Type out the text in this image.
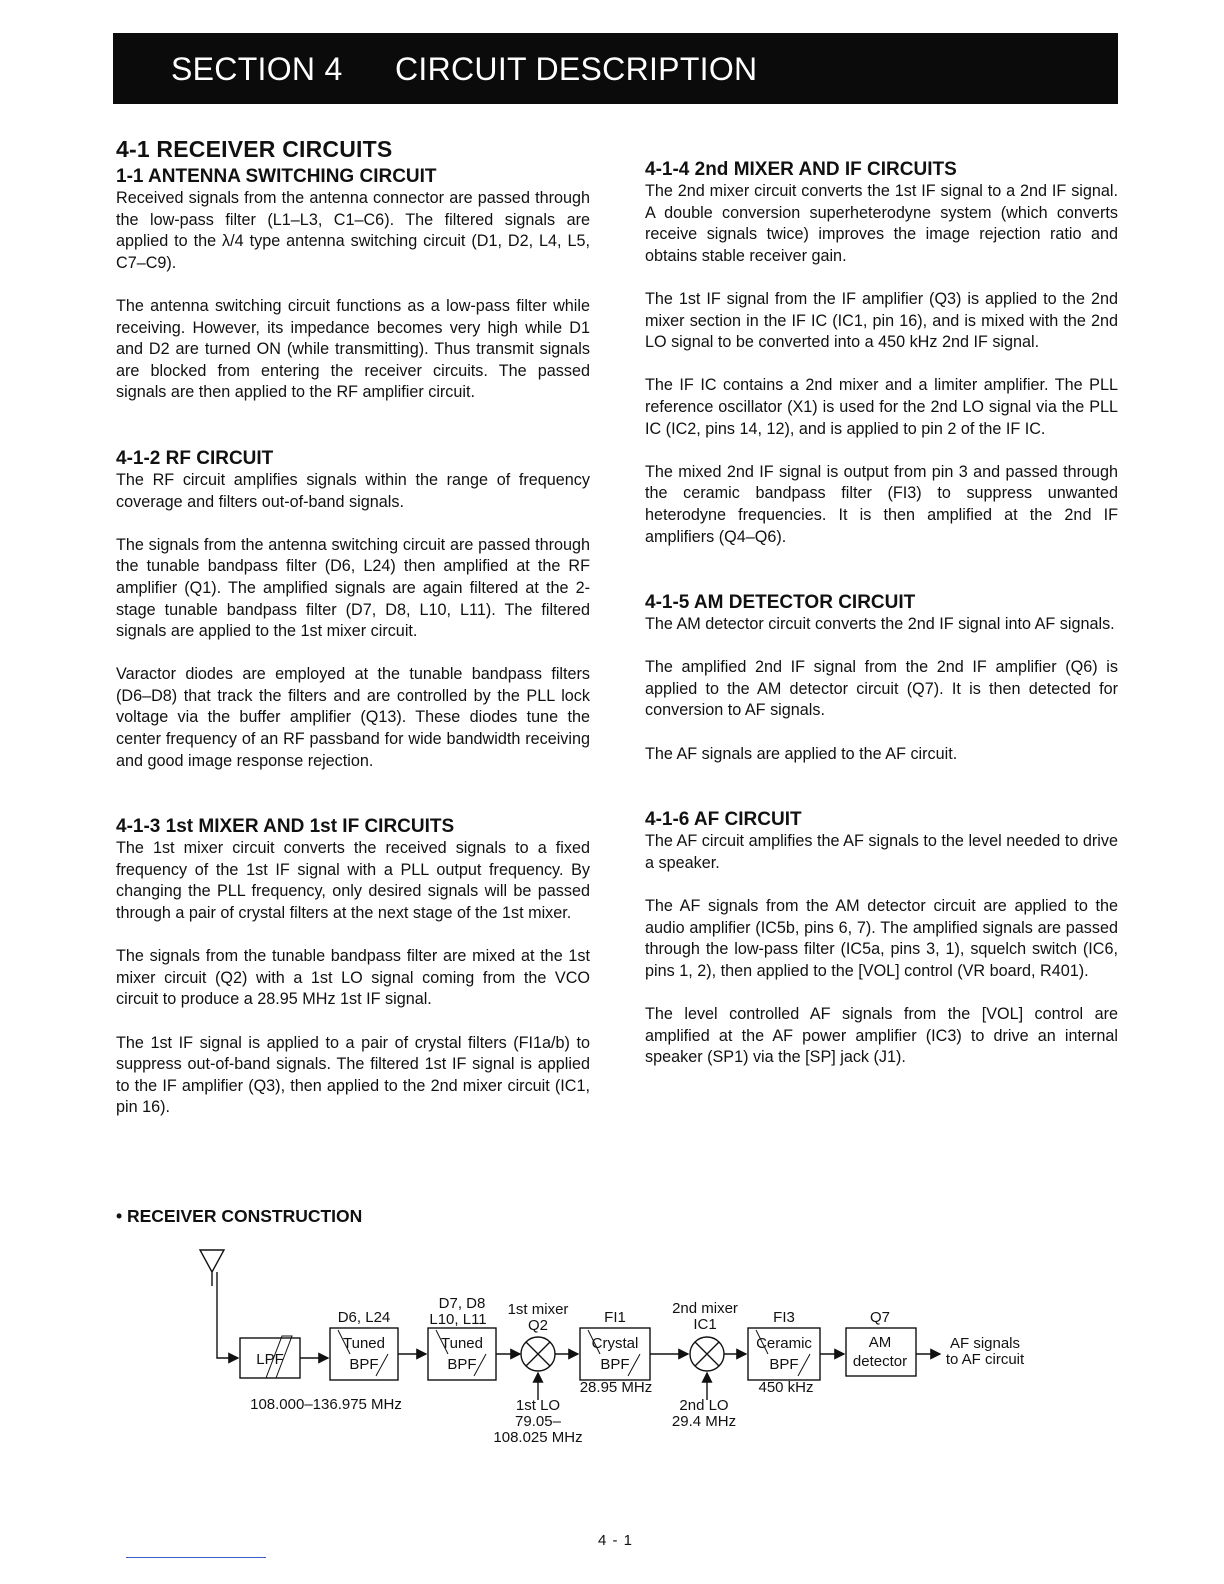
SECTION 4 CIRCUIT DESCRIPTION
4-1 RECEIVER CIRCUITS
1-1 ANTENNA SWITCHING CIRCUIT

Received signals from the antenna connector are passed through the low-pass filter (L1–L3, C1–C6). The filtered signals are applied to the λ/4 type antenna switching circuit (D1, D2, L4, L5, C7–C9).

The antenna switching circuit functions as a low-pass filter while receiving. However, its impedance becomes very high while D1 and D2 are turned ON (while transmitting). Thus transmit signals are blocked from entering the receiver circuits. The passed signals are then applied to the RF amplifier circuit.

4-1-2 RF CIRCUIT

The RF circuit amplifies signals within the range of frequency coverage and filters out-of-band signals.

The signals from the antenna switching circuit are passed through the tunable bandpass filter (D6, L24) then amplified at the RF amplifier (Q1). The amplified signals are again filtered at the 2-stage tunable bandpass filter (D7, D8, L10, L11). The filtered signals are applied to the 1st mixer circuit.

Varactor diodes are employed at the tunable bandpass filters (D6–D8) that track the filters and are controlled by the PLL lock voltage via the buffer amplifier (Q13). These diodes tune the center frequency of an RF passband for wide bandwidth receiving and good image response rejection.

4-1-3 1st MIXER AND 1st IF CIRCUITS

The 1st mixer circuit converts the received signals to a fixed frequency of the 1st IF signal with a PLL output frequency. By changing the PLL frequency, only desired signals will be passed through a pair of crystal filters at the next stage of the 1st mixer.

The signals from the tunable bandpass filter are mixed at the 1st mixer circuit (Q2) with a 1st LO signal coming from the VCO circuit to produce a 28.95 MHz 1st IF signal.

The 1st IF signal is applied to a pair of crystal filters (FI1a/b) to suppress out-of-band signals. The filtered 1st IF signal is applied to the IF amplifier (Q3), then applied to the 2nd mixer circuit (IC1, pin 16).

4-1-4 2nd MIXER AND IF CIRCUITS

The 2nd mixer circuit converts the 1st IF signal to a 2nd IF signal. A double conversion superheterodyne system (which converts receive signals twice) improves the image rejection ratio and obtains stable receiver gain.

The 1st IF signal from the IF amplifier (Q3) is applied to the 2nd mixer section in the IF IC (IC1, pin 16), and is mixed with the 2nd LO signal to be converted into a 450 kHz 2nd IF signal.

The IF IC contains a 2nd mixer and a limiter amplifier. The PLL reference oscillator (X1) is used for the 2nd LO signal via the PLL IC (IC2, pins 14, 12), and is applied to pin 2 of the IF IC.

The mixed 2nd IF signal is output from pin 3 and passed through the ceramic bandpass filter (FI3) to suppress unwanted heterodyne frequencies. It is then amplified at the 2nd IF amplifiers (Q4–Q6).

4-1-5 AM DETECTOR CIRCUIT

The AM detector circuit converts the 2nd IF signal into AF signals.

The amplified 2nd IF signal from the 2nd IF amplifier (Q6) is applied to the AM detector circuit (Q7). It is then detected for conversion to AF signals.

The AF signals are applied to the AF circuit.

4-1-6 AF CIRCUIT

The AF circuit amplifies the AF signals to the level needed to drive a speaker.

The AF signals from the AM detector circuit are applied to the audio amplifier (IC5b, pins 6, 7). The amplified signals are passed through the low-pass filter (IC5a, pins 3, 1), squelch switch (IC6, pins 1, 2), then applied to the [VOL] control (VR board, R401).

The level controlled AF signals from the [VOL] control are amplified at the AF power amplifier (IC3) to drive an internal speaker (SP1) via the [SP] jack (J1).

• RECEIVER CONSTRUCTION
LPF
Tuned
BPF
D6, L24
Tuned
BPF
D7, D8
L10, L11
1st mixer
Q2
Crystal
BPF
FI1
2nd mixer
IC1
Ceramic
BPF
FI3
AM
detector
Q7
AF signals
to AF circuit
108.000–136.975 MHz	1st LO
79.05–
108.025 MHz
28.95 MHz
2nd LO
29.4 MHz
450 kHz
4 - 1
